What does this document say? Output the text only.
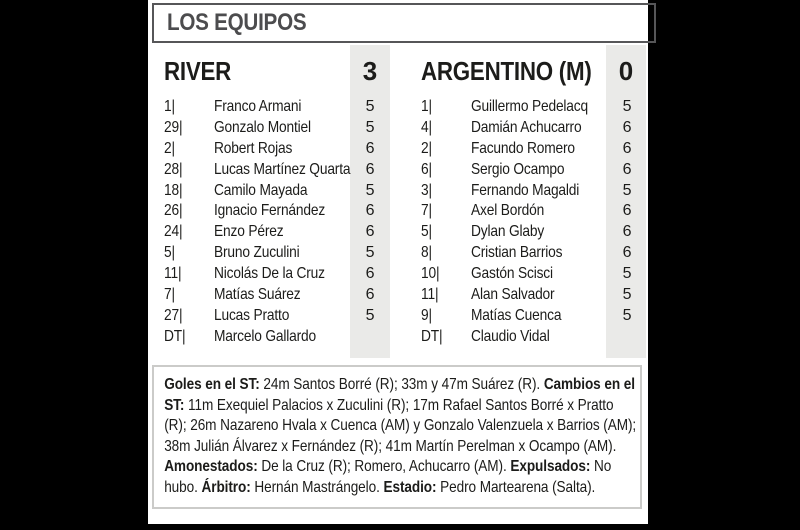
LOS EQUIPOS
RIVER	3	ARGENTINO (M)	0
1| Franco Armani	5
29| Gonzalo Montiel	5
2| Robert Rojas	6
28| Lucas Martínez Quarta 6
18| Camilo Mayada	5
26| Ignacio Fernández	6
24| Enzo Pérez	6
5| Bruno Zuculini	5
11| Nicolás De la Cruz	6
7| Matías Suárez	6
27| Lucas Pratto	5
DT| Marcelo Gallardo
1| Guillermo Pedelacq	5
4| Damián Achucarro	6
2| Facundo Romero	6
6| Sergio Ocampo	6
3| Fernando Magaldi	5
7| Axel Bordón	6
5| Dylan Glaby	6
8| Cristian Barrios	6
10| Gastón Scisci	5
11| Alan Salvador	5
9| Matías Cuenca	5
DT| Claudio Vidal
Goles en el ST: 24m Santos Borré (R); 33m y 47m Suárez (R). Cambios en el ST: 11m Exequiel Palacios x Zuculini (R); 17m Rafael Santos Borré x Pratto (R); 26m Nazareno Hvala x Cuenca (AM) y Gonzalo Valenzuela x Barrios (AM); 38m Julián Álvarez x Fernández (R); 41m Martín Perelman x Ocampo (AM). Amonestados: De la Cruz (R); Romero, Achucarro (AM). Expulsados: No hubo. Árbitro: Hernán Mastrángelo. Estadio: Pedro Martearena (Salta).
